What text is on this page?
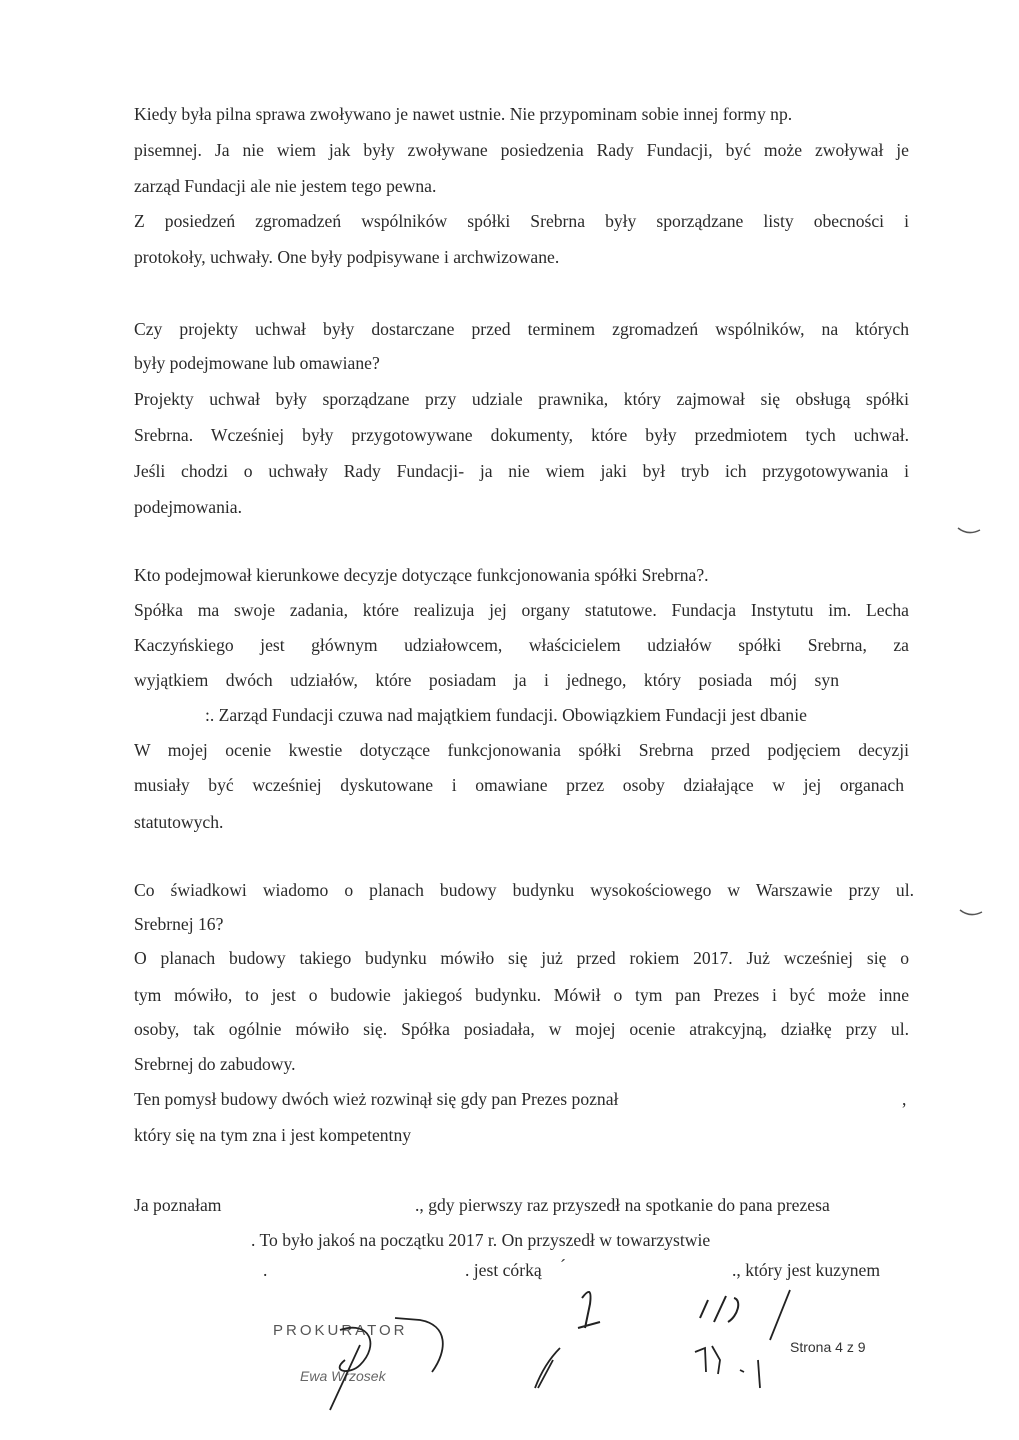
Kiedy była pilna sprawa zwoływano je nawet ustnie. Nie przypominam sobie innej formy np.
pisemnej. Ja nie wiem jak były zwoływane posiedzenia Rady Fundacji, być może zwoływał je
zarząd Fundacji ale nie jestem tego pewna.
Z posiedzeń zgromadzeń wspólników spółki Srebrna były sporządzane listy obecności i
protokoły, uchwały. One były podpisywane i archwizowane.
Czy projekty uchwał były dostarczane przed terminem zgromadzeń wspólników, na których
były podejmowane lub omawiane?
Projekty uchwał były sporządzane przy udziale prawnika, który zajmował się obsługą spółki
Srebrna. Wcześniej były przygotowywane dokumenty, które były przedmiotem tych uchwał.
Jeśli chodzi o uchwały Rady Fundacji- ja nie wiem jaki był tryb ich przygotowywania i
podejmowania.
Kto podejmował kierunkowe decyzje dotyczące funkcjonowania spółki Srebrna?.
Spółka ma swoje zadania, które realizuja jej organy statutowe. Fundacja Instytutu im. Lecha
Kaczyńskiego jest głównym udziałowcem, właścicielem udziałów spółki Srebrna, za
wyjątkiem dwóch udziałów, które posiadam ja i jednego, który posiada mój syn
:. Zarząd Fundacji czuwa nad majątkiem fundacji. Obowiązkiem Fundacji jest dbanie
W mojej ocenie kwestie dotyczące funkcjonowania spółki Srebrna przed podjęciem decyzji
musiały być wcześniej dyskutowane i omawiane przez osoby działające w jej organach
statutowych.
Co świadkowi wiadomo o planach budowy budynku wysokościowego w Warszawie przy ul.
Srebrnej 16?
O planach budowy takiego budynku mówiło się już przed rokiem 2017. Już wcześniej się o
tym mówiło, to jest o budowie jakiegoś budynku. Mówił o tym pan Prezes i być może inne
osoby, tak ogólnie mówiło się. Spółka posiadała, w mojej ocenie atrakcyjną, działkę przy ul.
Srebrnej do zabudowy.
Ten pomysł budowy dwóch wież rozwinął się gdy pan Prezes poznał	,
który się na tym zna i jest kompetentny
Ja poznałam	., gdy pierwszy raz przyszedł na spotkanie do pana prezesa
. To było jakoś na początku 2017 r. On przyszedł w towarzystwie
.	. jest córką	ˊ	., który jest kuzynem
PROKURATOR
Ewa Wrzosek
Strona 4 z 9
